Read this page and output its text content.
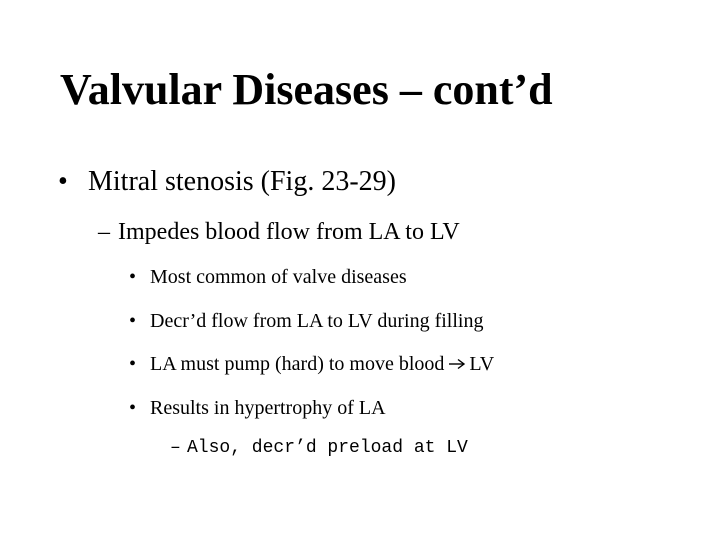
Valvular Diseases – cont’d
• Mitral stenosis (Fig. 23-29)
– Impedes blood flow from LA to LV
• Most common of valve diseases
• Decr’d flow from LA to LV during filling
• LA must pump (hard) to move blood LV
• Results in hypertrophy of LA
– Also, decr’d preload at LV
